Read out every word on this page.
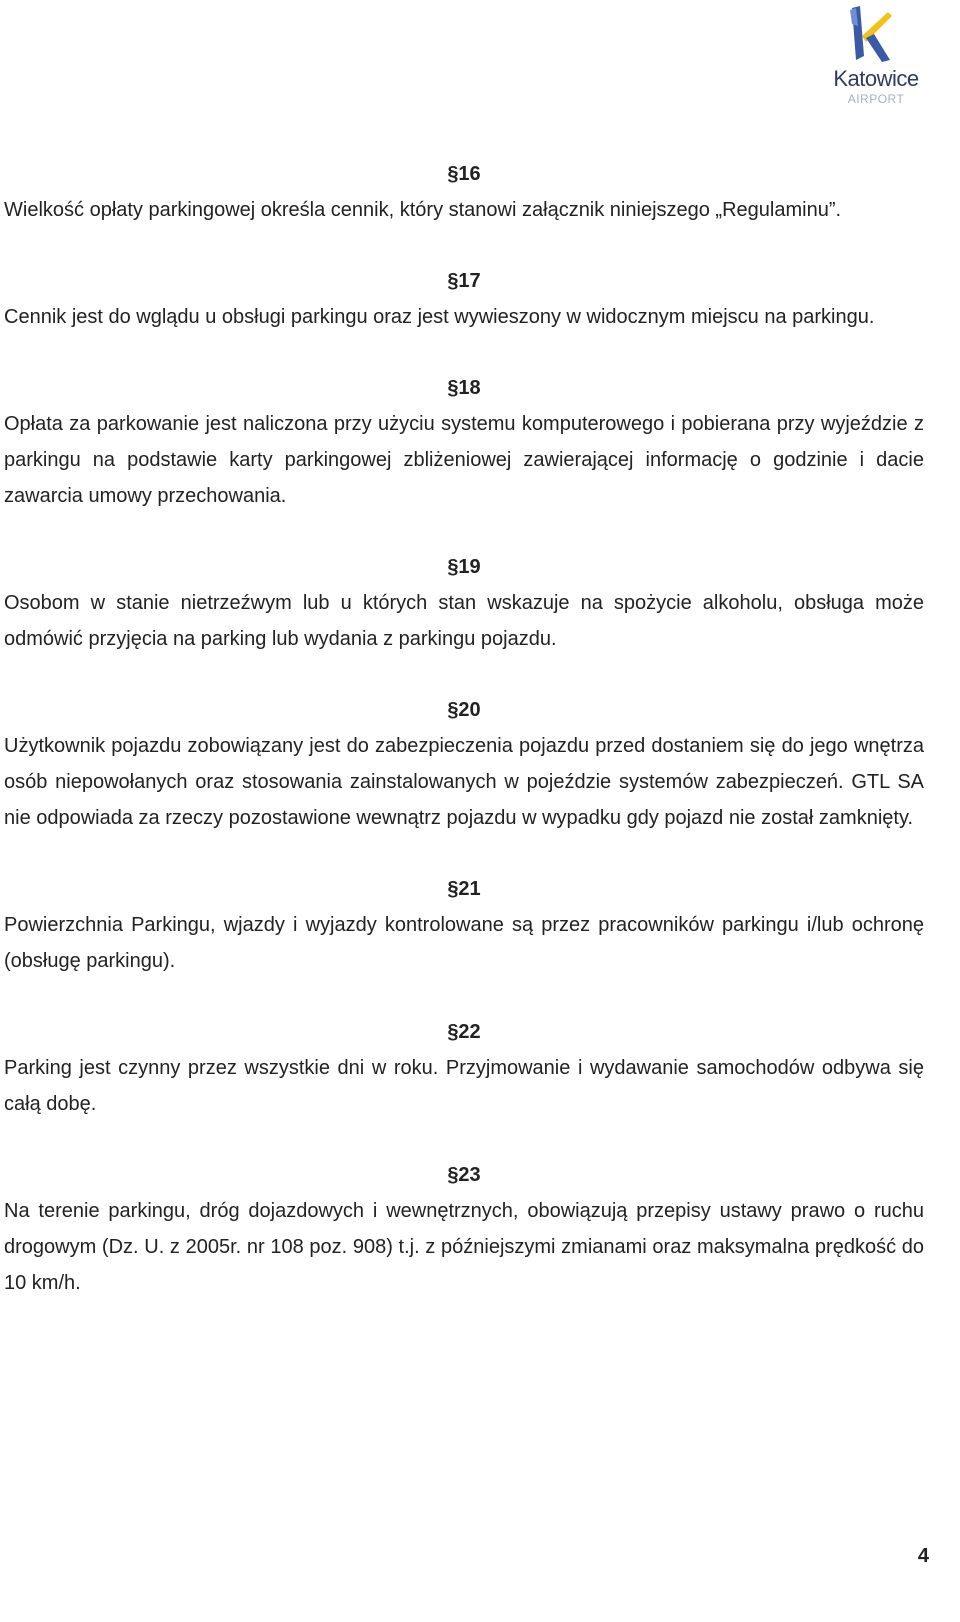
Katowice
AIRPORT
§16

Wielkość opłaty parkingowej określa cennik, który stanowi załącznik niniejszego „Regulaminu”.

§17

Cennik jest do wglądu u obsługi parkingu oraz jest wywieszony w widocznym miejscu na parkingu.

§18

Opłata za parkowanie jest naliczona przy użyciu systemu komputerowego i pobierana przy wyjeździe z parkingu na podstawie karty parkingowej zbliżeniowej zawierającej informację o godzinie i dacie zawarcia umowy przechowania.

§19

Osobom w stanie nietrzeźwym lub u których stan wskazuje na spożycie alkoholu, obsługa może odmówić przyjęcia na parking lub wydania z parkingu pojazdu.

§20

Użytkownik pojazdu zobowiązany jest do zabezpieczenia pojazdu przed dostaniem się do jego wnętrza osób niepowołanych oraz stosowania zainstalowanych w pojeździe systemów zabezpieczeń. GTL SA nie odpowiada za rzeczy pozostawione wewnątrz pojazdu w wypadku gdy pojazd nie został zamknięty.

§21

Powierzchnia Parkingu, wjazdy i wyjazdy kontrolowane są przez pracowników parkingu i/lub ochronę (obsługę parkingu).

§22

Parking jest czynny przez wszystkie dni w roku. Przyjmowanie i wydawanie samochodów odbywa się całą dobę.

§23

Na terenie parkingu, dróg dojazdowych i wewnętrznych, obowiązują przepisy ustawy prawo o ruchu drogowym (Dz. U. z 2005r. nr 108 poz. 908) t.j. z późniejszymi zmianami oraz maksymalna prędkość do 10 km/h.

4
